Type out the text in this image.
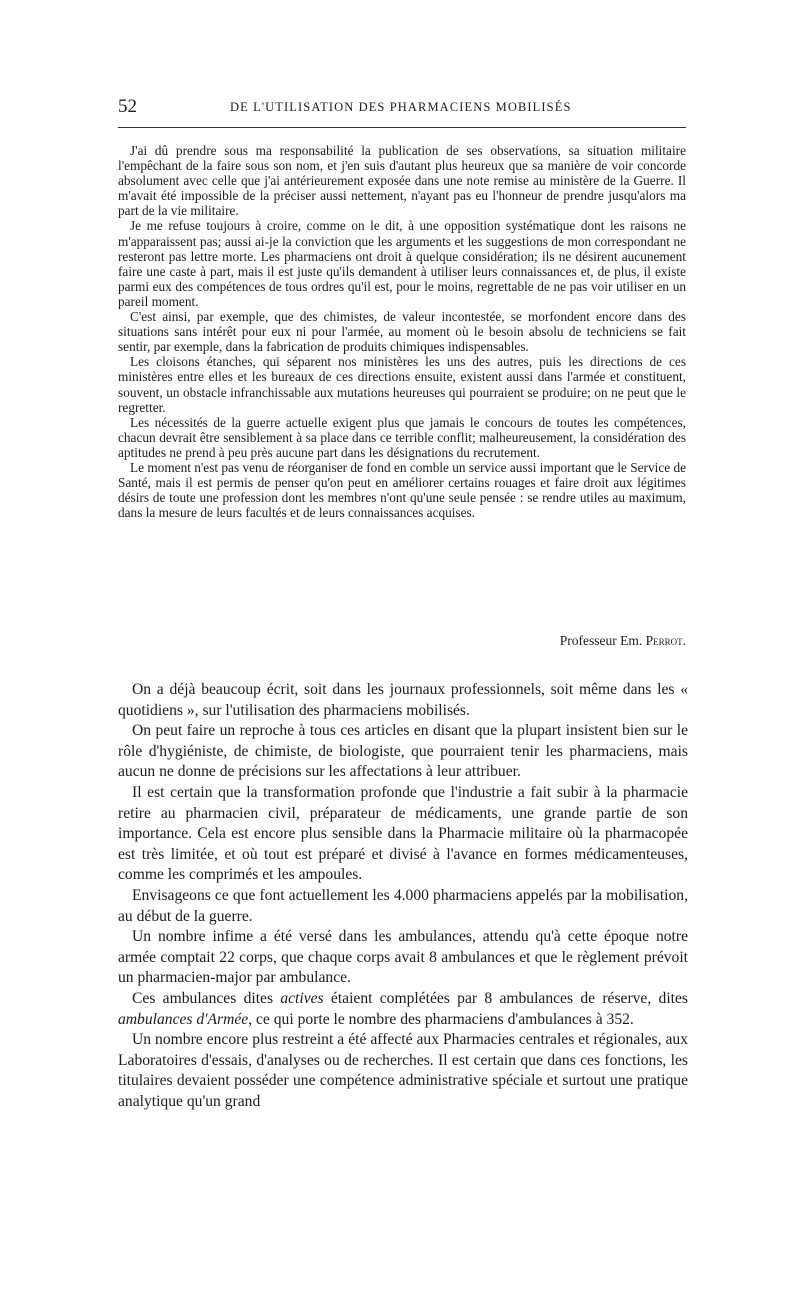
52	DE L'UTILISATION DES PHARMACIENS MOBILISÉS

J'ai dû prendre sous ma responsabilité la publication de ses observations, sa situation militaire l'empêchant de la faire sous son nom, et j'en suis d'autant plus heureux que sa manière de voir concorde absolument avec celle que j'ai antérieurement exposée dans une note remise au ministère de la Guerre. Il m'avait été impossible de la préciser aussi nettement, n'ayant pas eu l'honneur de prendre jusqu'alors ma part de la vie militaire.

Je me refuse toujours à croire, comme on le dit, à une opposition systématique dont les raisons ne m'apparaissent pas; aussi ai-je la conviction que les arguments et les suggestions de mon correspondant ne resteront pas lettre morte. Les pharmaciens ont droit à quelque considération; ils ne désirent aucunement faire une caste à part, mais il est juste qu'ils demandent à utiliser leurs connaissances et, de plus, il existe parmi eux des compétences de tous ordres qu'il est, pour le moins, regrettable de ne pas voir utiliser en un pareil moment.

C'est ainsi, par exemple, que des chimistes, de valeur incontestée, se morfondent encore dans des situations sans intérêt pour eux ni pour l'armée, au moment où le besoin absolu de techniciens se fait sentir, par exemple, dans la fabrication de produits chimiques indispensables.

Les cloisons étanches, qui séparent nos ministères les uns des autres, puis les directions de ces ministères entre elles et les bureaux de ces directions ensuite, existent aussi dans l'armée et constituent, souvent, un obstacle infranchissable aux mutations heureuses qui pourraient se produire; on ne peut que le regretter.

Les nécessités de la guerre actuelle exigent plus que jamais le concours de toutes les compétences, chacun devrait être sensiblement à sa place dans ce terrible conflit; malheureusement, la considération des aptitudes ne prend à peu près aucune part dans les désignations du recrutement.

Le moment n'est pas venu de réorganiser de fond en comble un service aussi important que le Service de Santé, mais il est permis de penser qu'on peut en améliorer certains rouages et faire droit aux légitimes désirs de toute une profession dont les membres n'ont qu'une seule pensée : se rendre utiles au maximum, dans la mesure de leurs facultés et de leurs connaissances acquises.

Professeur Em. Perrot.

On a déjà beaucoup écrit, soit dans les journaux professionnels, soit même dans les « quotidiens », sur l'utilisation des pharmaciens mobilisés.

On peut faire un reproche à tous ces articles en disant que la plupart insistent bien sur le rôle d'hygiéniste, de chimiste, de biologiste, que pourraient tenir les pharmaciens, mais aucun ne donne de précisions sur les affectations à leur attribuer.

Il est certain que la transformation profonde que l'industrie a fait subir à la pharmacie retire au pharmacien civil, préparateur de médicaments, une grande partie de son importance. Cela est encore plus sensible dans la Pharmacie militaire où la pharmacopée est très limitée, et où tout est préparé et divisé à l'avance en formes médicamenteuses, comme les comprimés et les ampoules.

Envisageons ce que font actuellement les 4.000 pharmaciens appelés par la mobilisation, au début de la guerre.

Un nombre infime a été versé dans les ambulances, attendu qu'à cette époque notre armée comptait 22 corps, que chaque corps avait 8 ambulances et que le règlement prévoit un pharmacien-major par ambulance.

Ces ambulances dites actives étaient complétées par 8 ambulances de réserve, dites ambulances d'Armée, ce qui porte le nombre des pharmaciens d'ambulances à 352.

Un nombre encore plus restreint a été affecté aux Pharmacies centrales et régionales, aux Laboratoires d'essais, d'analyses ou de recherches. Il est certain que dans ces fonctions, les titulaires devaient posséder une compétence administrative spéciale et surtout une pratique analytique qu'un grand
